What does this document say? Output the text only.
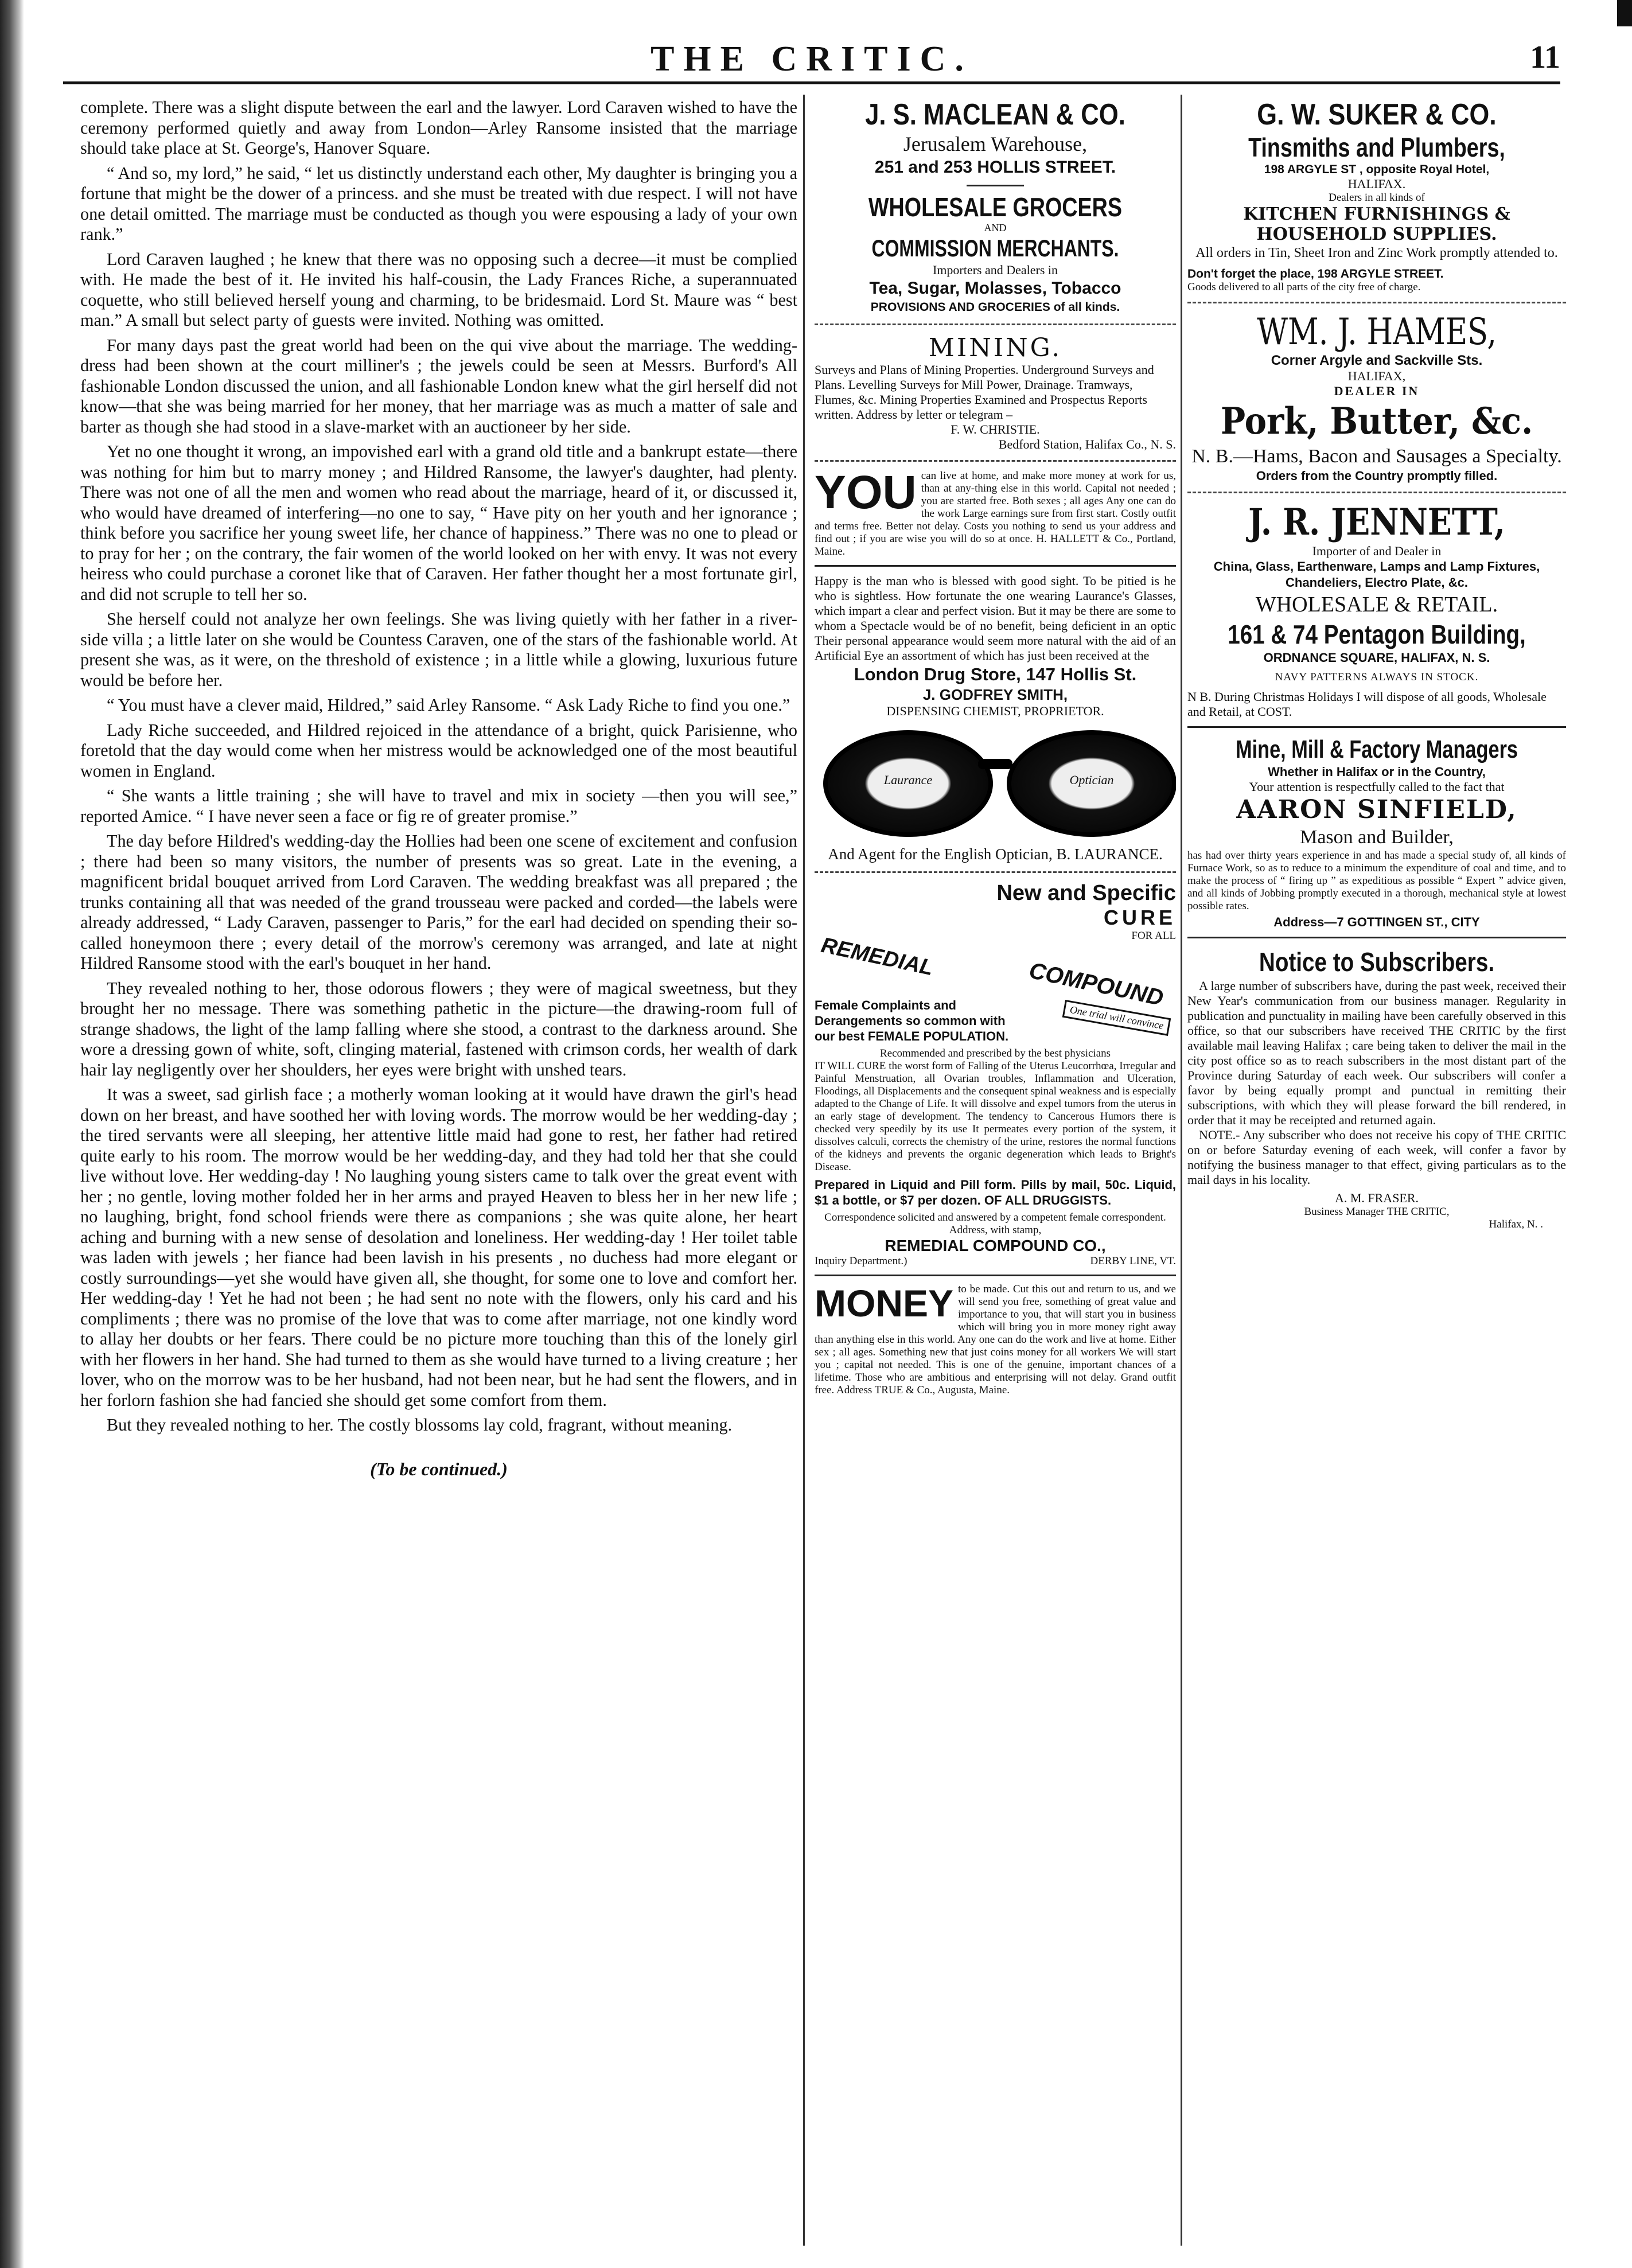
THE CRITIC.	11

complete. There was a slight dispute between the earl and the lawyer. Lord Caraven wished to have the ceremony performed quietly and away from London—Arley Ransome insisted that the marriage should take place at St. George's, Hanover Square.

“ And so, my lord,” he said, “ let us distinctly understand each other, My daughter is bringing you a fortune that might be the dower of a princess. and she must be treated with due respect. I will not have one detail omitted. The marriage must be conducted as though you were espousing a lady of your own rank.”

Lord Caraven laughed ; he knew that there was no opposing such a decree—it must be complied with. He made the best of it. He invited his half-cousin, the Lady Frances Riche, a superannuated coquette, who still believed herself young and charming, to be bridesmaid. Lord St. Maure was “ best man.” A small but select party of guests were invited. Nothing was omitted.

For many days past the great world had been on the qui vive about the marriage. The wedding-dress had been shown at the court milliner's ; the jewels could be seen at Messrs. Burford's All fashionable London discussed the union, and all fashionable London knew what the girl herself did not know—that she was being married for her money, that her marriage was as much a matter of sale and barter as though she had stood in a slave-market with an auctioneer by her side.

Yet no one thought it wrong, an impovished earl with a grand old title and a bankrupt estate—there was nothing for him but to marry money ; and Hildred Ransome, the lawyer's daughter, had plenty. There was not one of all the men and women who read about the marriage, heard of it, or discussed it, who would have dreamed of interfering—no one to say, “ Have pity on her youth and her ignorance ; think before you sacrifice her young sweet life, her chance of happiness.” There was no one to plead or to pray for her ; on the contrary, the fair women of the world looked on her with envy. It was not every heiress who could purchase a coronet like that of Caraven. Her father thought her a most fortunate girl, and did not scruple to tell her so.

She herself could not analyze her own feelings. She was living quietly with her father in a river-side villa ; a little later on she would be Countess Caraven, one of the stars of the fashionable world. At present she was, as it were, on the threshold of existence ; in a little while a glowing, luxurious future would be before her.

“ You must have a clever maid, Hildred,” said Arley Ransome. “ Ask Lady Riche to find you one.”

Lady Riche succeeded, and Hildred rejoiced in the attendance of a bright, quick Parisienne, who foretold that the day would come when her mistress would be acknowledged one of the most beautiful women in England.

“ She wants a little training ; she will have to travel and mix in society —then you will see,” reported Amice. “ I have never seen a face or fig re of greater promise.”

The day before Hildred's wedding-day the Hollies had been one scene of excitement and confusion ; there had been so many visitors, the number of presents was so great. Late in the evening, a magnificent bridal bouquet arrived from Lord Caraven. The wedding breakfast was all prepared ; the trunks containing all that was needed of the grand trousseau were packed and corded—the labels were already addressed, “ Lady Caraven, passenger to Paris,” for the earl had decided on spending their so-called honeymoon there ; every detail of the morrow's ceremony was arranged, and late at night Hildred Ransome stood with the earl's bouquet in her hand.

They revealed nothing to her, those odorous flowers ; they were of magical sweetness, but they brought her no message. There was something pathetic in the picture—the drawing-room full of strange shadows, the light of the lamp falling where she stood, a contrast to the darkness around. She wore a dressing gown of white, soft, clinging material, fastened with crimson cords, her wealth of dark hair lay negligently over her shoulders, her eyes were bright with unshed tears.

It was a sweet, sad girlish face ; a motherly woman looking at it would have drawn the girl's head down on her breast, and have soothed her with loving words. The morrow would be her wedding-day ; the tired servants were all sleeping, her attentive little maid had gone to rest, her father had retired quite early to his room. The morrow would be her wedding-day, and they had told her that she could live without love. Her wedding-day ! No laughing young sisters came to talk over the great event with her ; no gentle, loving mother folded her in her arms and prayed Heaven to bless her in her new life ; no laughing, bright, fond school friends were there as companions ; she was quite alone, her heart aching and burning with a new sense of desolation and loneliness. Her wedding-day ! Her toilet table was laden with jewels ; her fiance had been lavish in his presents , no duchess had more elegant or costly surroundings—yet she would have given all, she thought, for some one to love and comfort her. Her wedding-day ! Yet he had not been ; he had sent no note with the flowers, only his card and his compliments ; there was no promise of the love that was to come after marriage, not one kindly word to allay her doubts or her fears. There could be no picture more touching than this of the lonely girl with her flowers in her hand. She had turned to them as she would have turned to a living creature ; her lover, who on the morrow was to be her husband, had not been near, but he had sent the flowers, and in her forlorn fashion she had fancied she should get some comfort from them.

But they revealed nothing to her. The costly blossoms lay cold, fragrant, without meaning.

(To be continued.)
J. S. MACLEAN & CO.
Jerusalem Warehouse,
251 and 253 HOLLIS STREET.
WHOLESALE GROCERS
AND
COMMISSION MERCHANTS.
Importers and Dealers in
Tea, Sugar, Molasses, Tobacco
PROVISIONS AND GROCERIES of all kinds.
MINING.
Surveys and Plans of Mining Properties. Underground Surveys and Plans. Levelling Surveys for Mill Power, Drainage. Tramways, Flumes, &c. Mining Properties Examined and Prospectus Reports written. Address by letter or telegram –
F. W. CHRISTIE.
Bedford Station, Halifax Co., N. S.
YOU can live at home, and make more money at work for us, than at any-thing else in this world. Capital not needed ; you are started free. Both sexes ; all ages Any one can do the work Large earnings sure from first start. Costly outfit and terms free. Better not delay. Costs you nothing to send us your address and find out ; if you are wise you will do so at once. H. HALLETT & Co., Portland, Maine.
Happy is the man who is blessed with good sight. To be pitied is he who is sightless. How fortunate the one wearing Laurance's Glasses, which impart a clear and perfect vision. But it may be there are some to whom a Spectacle would be of no benefit, being deficient in an optic Their personal appearance would seem more natural with the aid of an Artificial Eye an assortment of which has just been received at the
London Drug Store, 147 Hollis St.
J. GODFREY SMITH,
DISPENSING CHEMIST, PROPRIETOR.
Laurance	Optician
And Agent for the English Optician, B. LAURANCE.
New and Specific
CURE
FOR ALL
REMEDIAL
COMPOUND
Female Complaints and Derangements so common with our best FEMALE POPULATION.
One trial will convince
Recommended and prescribed by the best physicians
IT WILL CURE the worst form of Falling of the Uterus Leucorrhœa, Irregular and Painful Menstruation, all Ovarian troubles, Inflammation and Ulceration, Floodings, all Displacements and the consequent spinal weakness and is especially adapted to the Change of Life. It will dissolve and expel tumors from the uterus in an early stage of development. The tendency to Cancerous Humors there is checked very speedily by its use It permeates every portion of the system, it dissolves calculi, corrects the chemistry of the urine, restores the normal functions of the kidneys and prevents the organic degeneration which leads to Bright's Disease.
Prepared in Liquid and Pill form. Pills by mail, 50c. Liquid, $1 a bottle, or $7 per dozen. OF ALL DRUGGISTS.
Correspondence solicited and answered by a competent female correspondent. Address, with stamp,
REMEDIAL COMPOUND CO.,
Inquiry Department.)	DERBY LINE, VT.
MONEY to be made. Cut this out and return to us, and we will send you free, something of great value and importance to you, that will start you in business which will bring you in more money right away than anything else in this world. Any one can do the work and live at home. Either sex ; all ages. Something new that just coins money for all workers We will start you ; capital not needed. This is one of the genuine, important chances of a lifetime. Those who are ambitious and enterprising will not delay. Grand outfit free. Address TRUE & Co., Augusta, Maine.
G. W. SUKER & CO.
Tinsmiths and Plumbers,
198 ARGYLE ST , opposite Royal Hotel,
HALIFAX.
Dealers in all kinds of
KITCHEN FURNISHINGS &
HOUSEHOLD SUPPLIES.
All orders in Tin, Sheet Iron and Zinc Work promptly attended to.
Don't forget the place, 198 ARGYLE STREET.
Goods delivered to all parts of the city free of charge.
WM. J. HAMES,
Corner Argyle and Sackville Sts.
HALIFAX,
DEALER IN
Pork, Butter, &c.
N. B.—Hams, Bacon and Sausages a Specialty.
Orders from the Country promptly filled.
J. R. JENNETT,
Importer of and Dealer in
China, Glass, Earthenware, Lamps and Lamp Fixtures, Chandeliers, Electro Plate, &c.
WHOLESALE & RETAIL.
161 & 74 Pentagon Building,
ORDNANCE SQUARE, HALIFAX, N. S.
NAVY PATTERNS ALWAYS IN STOCK.
N B. During Christmas Holidays I will dispose of all goods, Wholesale and Retail, at COST.
Mine, Mill & Factory Managers
Whether in Halifax or in the Country,
Your attention is respectfully called to the fact that
AARON SINFIELD,
Mason and Builder,
has had over thirty years experience in and has made a special study of, all kinds of Furnace Work, so as to reduce to a minimum the expenditure of coal and time, and to make the process of “ firing up ” as expeditious as possible “ Expert ” advice given, and all kinds of Jobbing promptly executed in a thorough, mechanical style at lowest possible rates.
Address—7 GOTTINGEN ST., CITY
Notice to Subscribers.
A large number of subscribers have, during the past week, received their New Year's communication from our business manager. Regularity in publication and punctuality in mailing have been carefully observed in this office, so that our subscribers have received THE CRITIC by the first available mail leaving Halifax ; care being taken to deliver the mail in the city post office so as to reach subscribers in the most distant part of the Province during Saturday of each week. Our subscribers will confer a favor by being equally prompt and punctual in remitting their subscriptions, with which they will please forward the bill rendered, in order that it may be receipted and returned again.
NOTE.- Any subscriber who does not receive his copy of THE CRITIC on or before Saturday evening of each week, will confer a favor by notifying the business manager to that effect, giving particulars as to the mail days in his locality.
A. M. FRASER.
Business Manager THE CRITIC,
Halifax, N. .
